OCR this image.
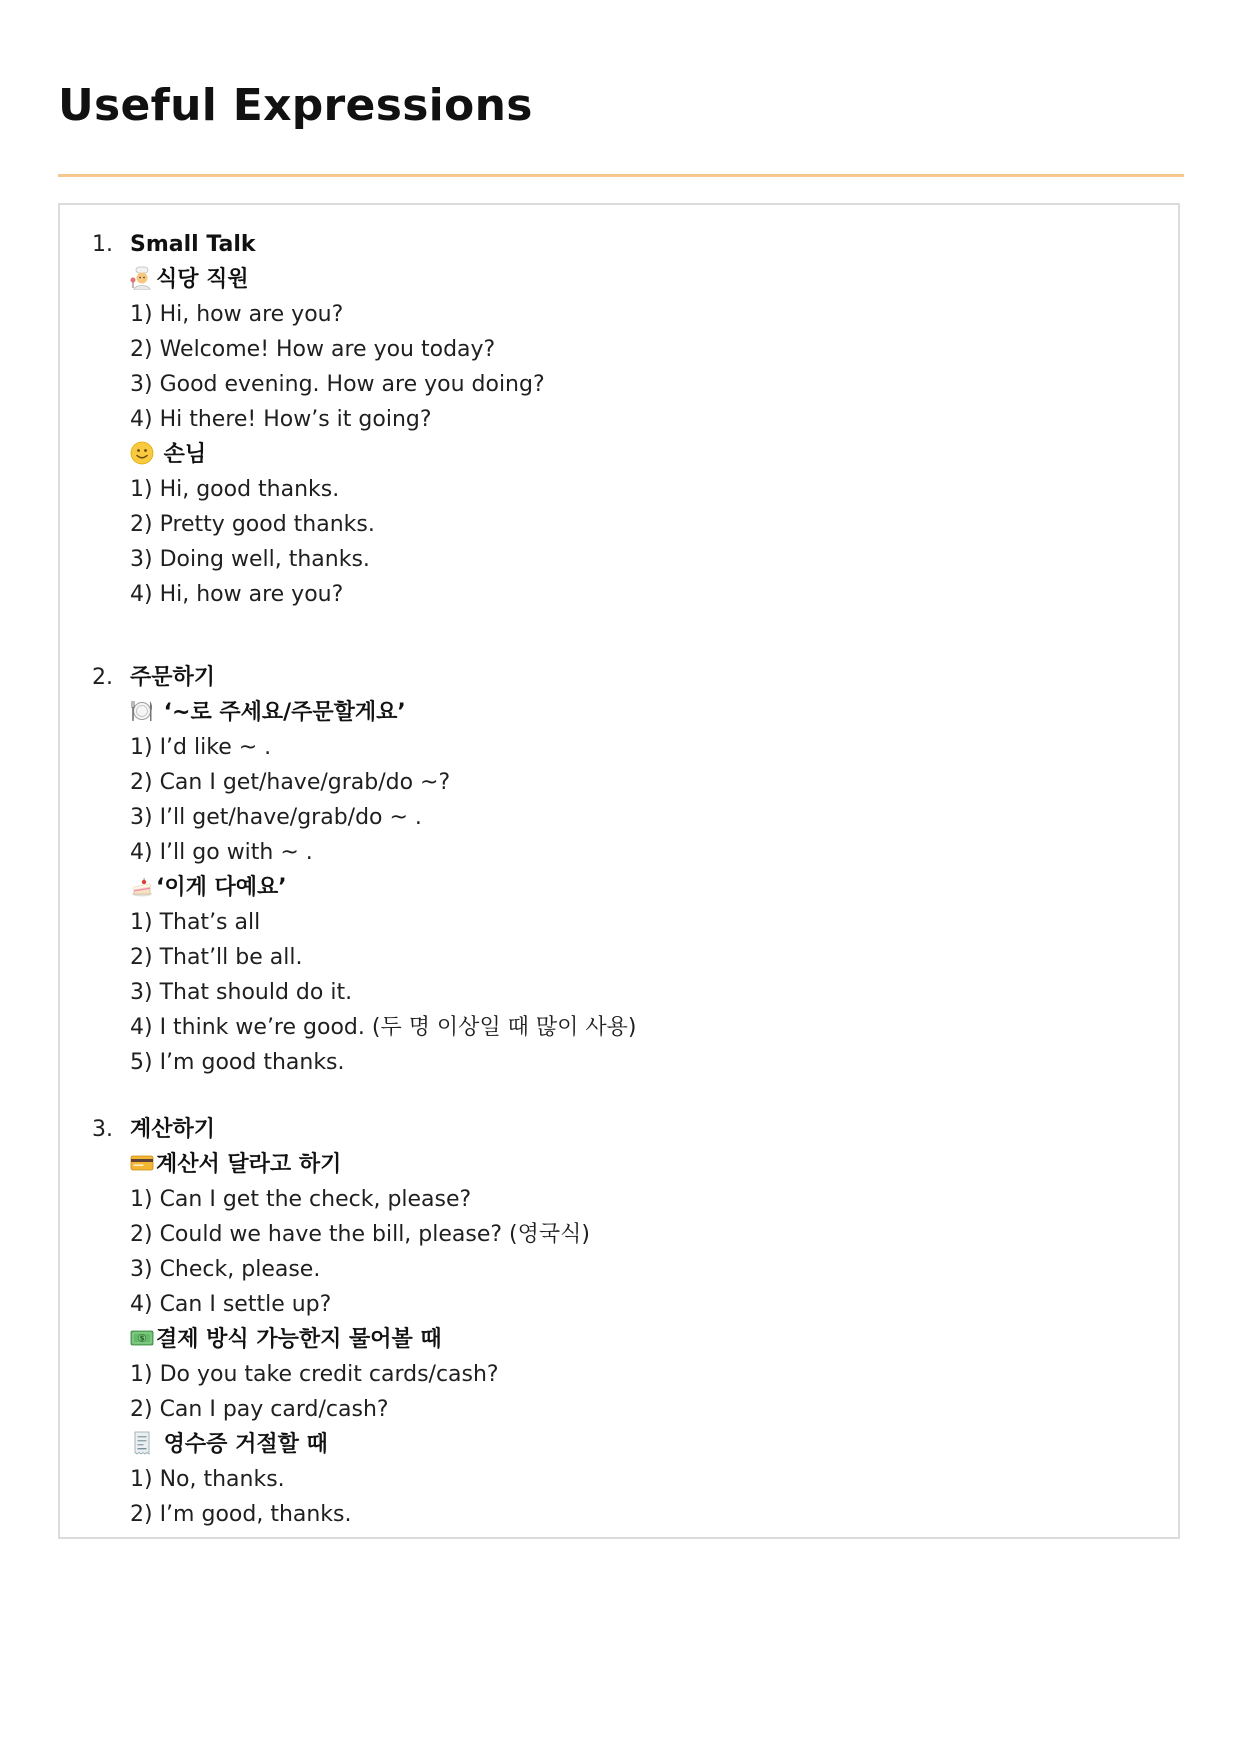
Useful Expressions
1. Small Talk
식당 직원
1) Hi, how are you?
2) Welcome! How are you today?
3) Good evening. How are you doing?
4) Hi there! How’s it going?
손님
1) Hi, good thanks.
2) Pretty good thanks.
3) Doing well, thanks.
4) Hi, how are you?
2. 주문하기
‘~로 주세요/주문할게요’
1) I’d like ~ .
2) Can I get/have/grab/do ~?
3) I’ll get/have/grab/do ~ .
4) I’ll go with ~ .
‘이게 다예요’
1) That’s all
2) That’ll be all.
3) That should do it.
4) I think we’re good. (두 명 이상일 때 많이 사용)
5) I’m good thanks.
3. 계산하기
계산서 달라고 하기
1) Can I get the check, please?
2) Could we have the bill, please? (영국식)
3) Check, please.
4) Can I settle up?
$ 결제 방식 가능한지 물어볼 때
1) Do you take credit cards/cash?
2) Can I pay card/cash?
영수증 거절할 때
1) No, thanks.
2) I’m good, thanks.
